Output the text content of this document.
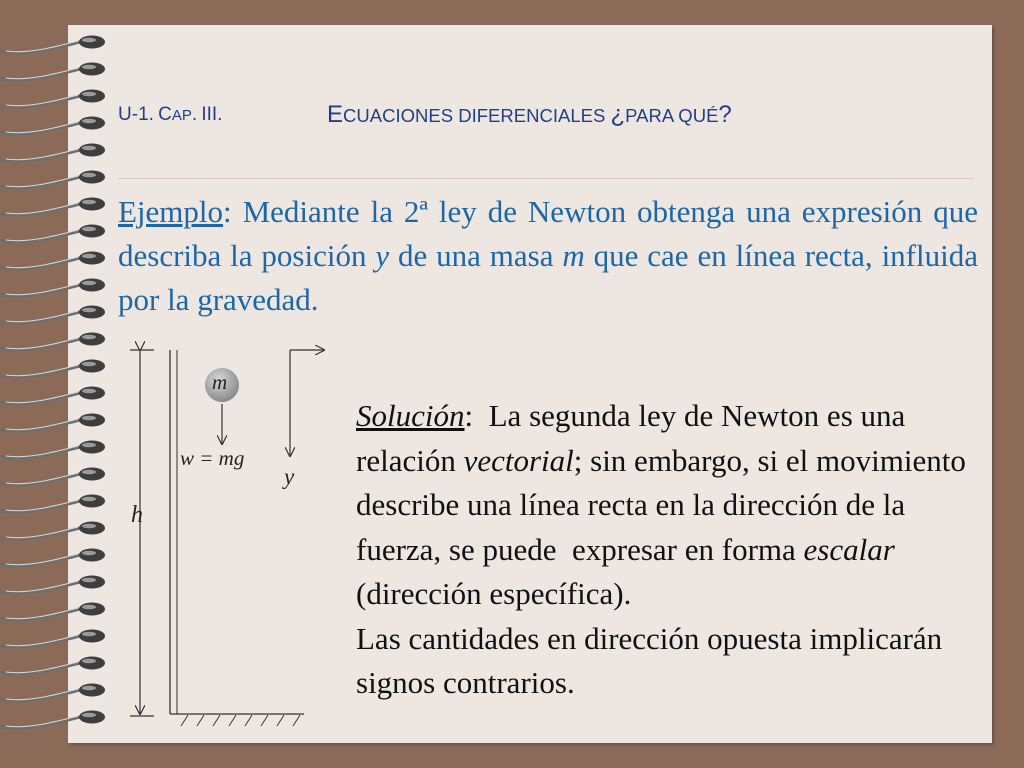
U-1. CAP. III.	ECUACIONES DIFERENCIALES ¿PARA QUÉ?
Ejemplo: Mediante la 2ª ley de Newton obtenga una expresión que describa la posición y de una masa m que cae en línea recta, influida por la gravedad.
m
w = mg
y
h

Solución:  La segunda ley de Newton es una relación vectorial; sin embargo, si el movimiento describe una línea recta en la dirección de la fuerza, se puede  expresar en forma escalar (dirección específica).

Las cantidades en dirección opuesta implicarán signos contrarios.
